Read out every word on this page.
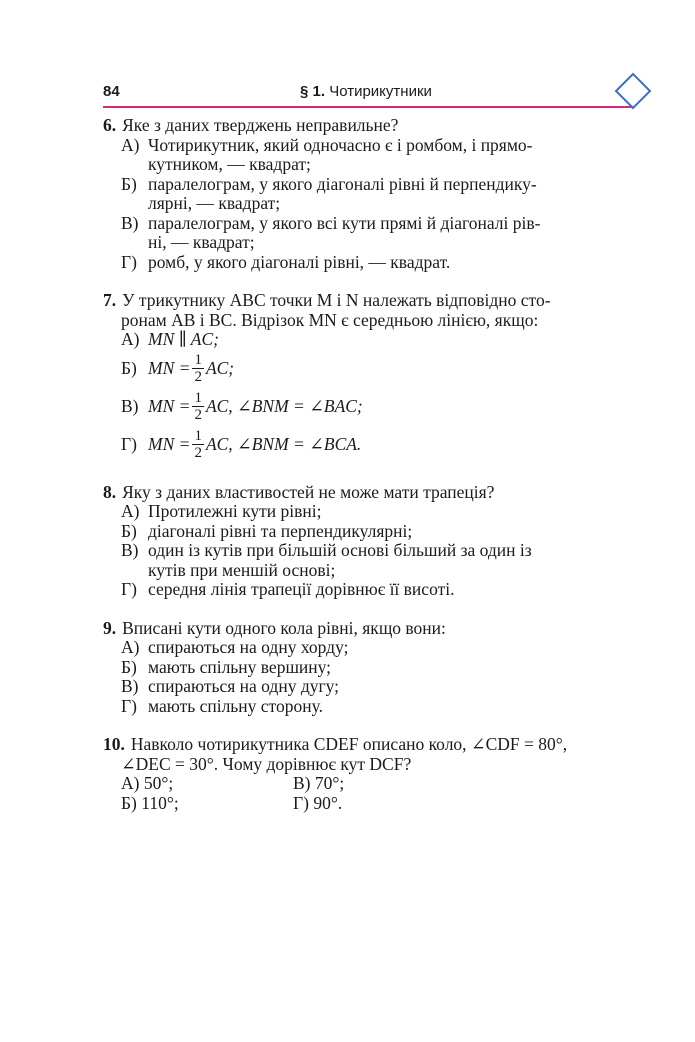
84	§ 1. Чотирикутники
6. Яке з даних тверджень неправильне?
А) Чотирикутник, який одночасно є і ромбом, і прямо-
кутником, — квадрат;
Б) паралелограм, у якого діагоналі рівні й перпендику-
лярні, — квадрат;
В) паралелограм, у якого всі кути прямі й діагоналі рів-
ні, — квадрат;
Г) ромб, у якого діагоналі рівні, — квадрат.
7. У трикутнику ABC точки M і N належать відповідно сто-
ронам AB і BC. Відрізок MN є середньою лінією, якщо:
А) MN ∥ AC;
Б) MN = $\frac{1}{2}$ AC;
В) MN = $\frac{1}{2}$ AC, ∠BNM = ∠BAC;
Г) MN = $\frac{1}{2}$ AC, ∠BNM = ∠BCA.
8. Яку з даних властивостей не може мати трапеція?
А) Протилежні кути рівні;
Б) діагоналі рівні та перпендикулярні;
В) один із кутів при більшій основі більший за один із
кутів при меншій основі;
Г) середня лінія трапеції дорівнює її висоті.
9. Вписані кути одного кола рівні, якщо вони:
А) спираються на одну хорду;
Б) мають спільну вершину;
В) спираються на одну дугу;
Г) мають спільну сторону.
10. Навколо чотирикутника CDEF описано коло, ∠CDF = 80°,
∠DEC = 30°. Чому дорівнює кут DCF?
А) 50°;	В) 70°;
Б) 110°;	Г) 90°.
